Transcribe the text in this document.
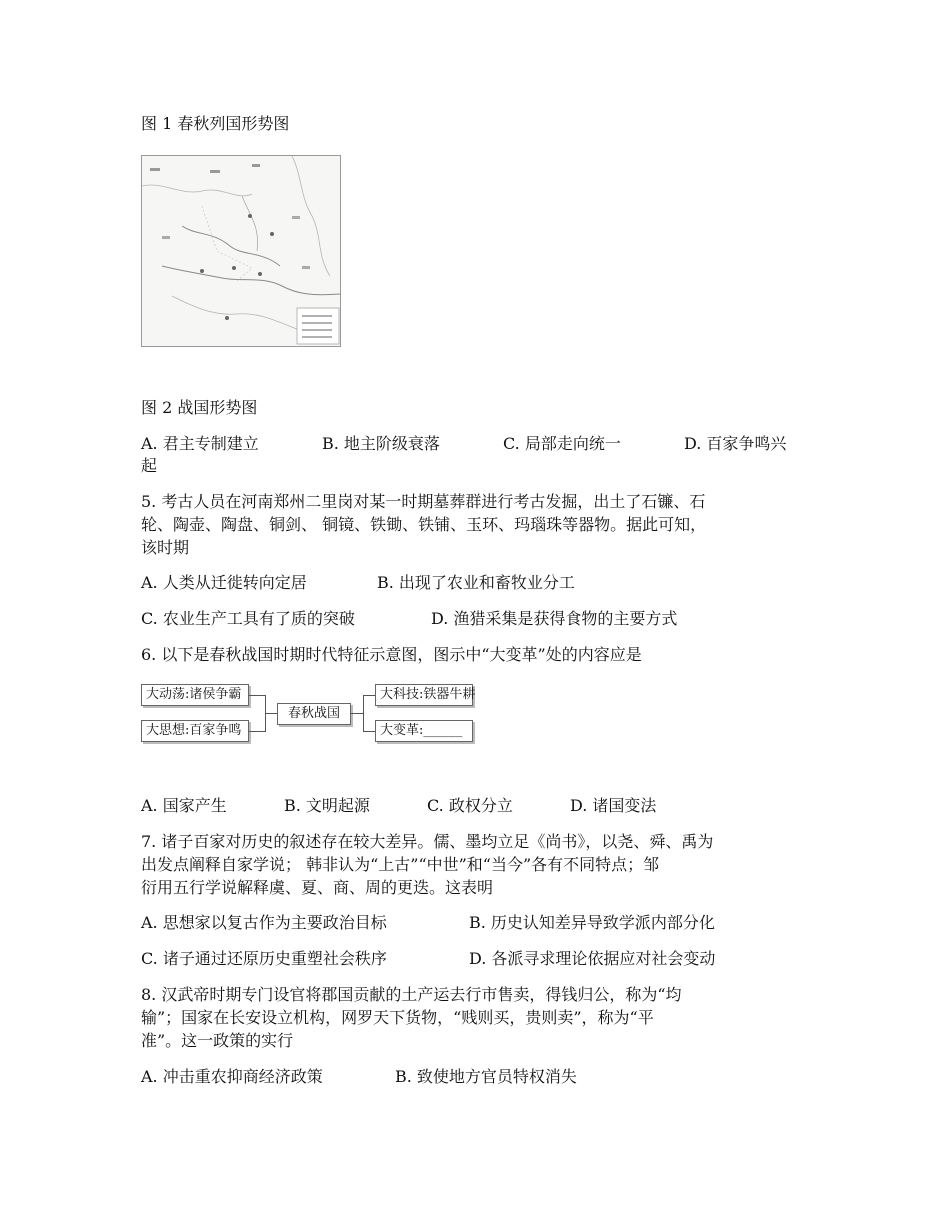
图 1 春秋列国形势图
图 2 战国形势图
A. 君主专制建立	B. 地主阶级衰落	C. 局部走向统一	D. 百家争鸣兴
起
5. 考古人员在河南郑州二里岗对某一时期墓葬群进行考古发掘，出土了石镰、石
轮、陶壶、陶盘、铜剑、 铜镜、铁锄、铁铺、玉环、玛瑙珠等器物。据此可知，
该时期
A. 人类从迁徙转向定居	B. 出现了农业和畜牧业分工
C. 农业生产工具有了质的突破	D. 渔猎采集是获得食物的主要方式
6. 以下是春秋战国时期时代特征示意图，图示中“大变革”处的内容应是
大动荡:诸侯争霸
大思想:百家争鸣
春秋战国
大科技:铁器牛耕
大变革:______
A. 国家产生	B. 文明起源	C. 政权分立	D. 诸国变法
7. 诸子百家对历史的叙述存在较大差异。儒、墨均立足《尚书》，以尧、舜、禹为
出发点阐释自家学说； 韩非认为“上古”“中世”和“当今”各有不同特点；邹
衍用五行学说解释虞、夏、商、周的更迭。这表明
A. 思想家以复古作为主要政治目标	B. 历史认知差异导致学派内部分化
C. 诸子通过还原历史重塑社会秩序	D. 各派寻求理论依据应对社会变动
8. 汉武帝时期专门设官将郡国贡献的土产运去行市售卖，得钱归公，称为“均
输”；国家在长安设立机构，网罗天下货物，“贱则买，贵则卖”，称为“平
准”。这一政策的实行
A. 冲击重农抑商经济政策	B. 致使地方官员特权消失
